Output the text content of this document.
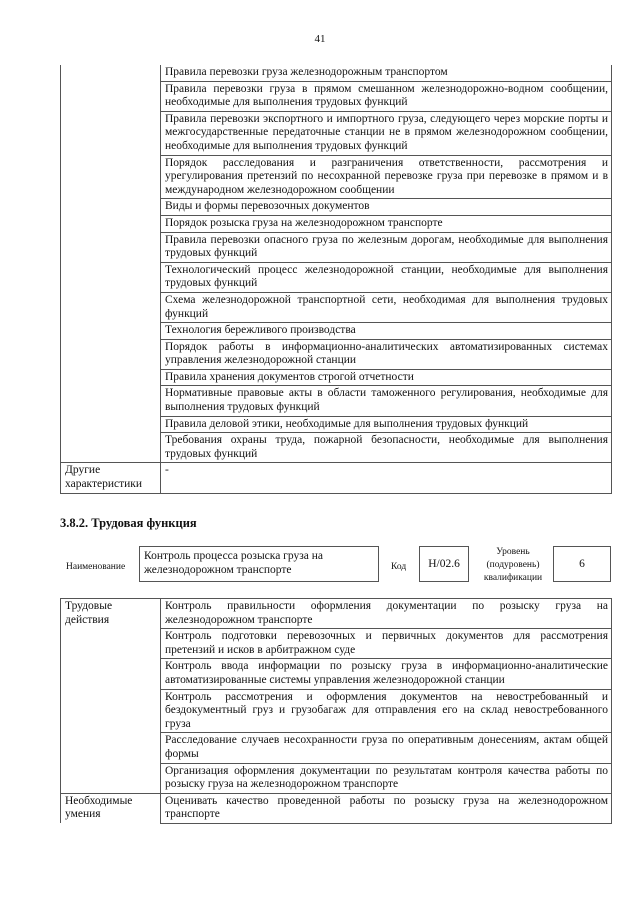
41
	Правила перевозки груза железнодорожным транспортом
	Правила перевозки груза в прямом смешанном железнодорожно-водном сообщении, необходимые для выполнения трудовых функций
	Правила перевозки экспортного и импортного груза, следующего через морские порты и межгосударственные передаточные станции не в прямом железнодорожном сообщении, необходимые для выполнения трудовых функций
	Порядок расследования и разграничения ответственности, рассмотрения и урегулирования претензий по несохранной перевозке груза при перевозке в прямом и в международном железнодорожном сообщении
	Виды и формы перевозочных документов
	Порядок розыска груза на железнодорожном транспорте
	Правила перевозки опасного груза по железным дорогам, необходимые для выполнения трудовых функций
	Технологический процесс железнодорожной станции, необходимые для выполнения трудовых функций
	Схема железнодорожной транспортной сети, необходимая для выполнения трудовых функций
	Технология бережливого производства
	Порядок работы в информационно-аналитических автоматизированных системах управления железнодорожной станции
	Правила хранения документов строгой отчетности
	Нормативные правовые акты в области таможенного регулирования, необходимые для выполнения трудовых функций
	Правила деловой этики, необходимые для выполнения трудовых функций
	Требования охраны труда, пожарной безопасности, необходимые для выполнения трудовых функций
Другие характеристики	-
3.8.2. Трудовая функция
Наименование
Контроль процесса розыска груза на железнодорожном транспорте	Код	H/02.6
Уровень (подуровень) квалификации
6
Трудовые действия	Контроль правильности оформления документации по розыску груза на железнодорожном транспорте
	Контроль подготовки перевозочных и первичных документов для рассмотрения претензий и исков в арбитражном суде
	Контроль ввода информации по розыску груза в информационно-аналитические автоматизированные системы управления железнодорожной станции
	Контроль рассмотрения и оформления документов на невостребованный и бездокументный груз и грузобагаж для отправления его на склад невостребованного груза
	Расследование случаев несохранности груза по оперативным донесениям, актам общей формы
	Организация оформления документации по результатам контроля качества работы по розыску груза на железнодорожном транспорте
Необходимые умения	Оценивать качество проведенной работы по розыску груза на железнодорожном транспорте
